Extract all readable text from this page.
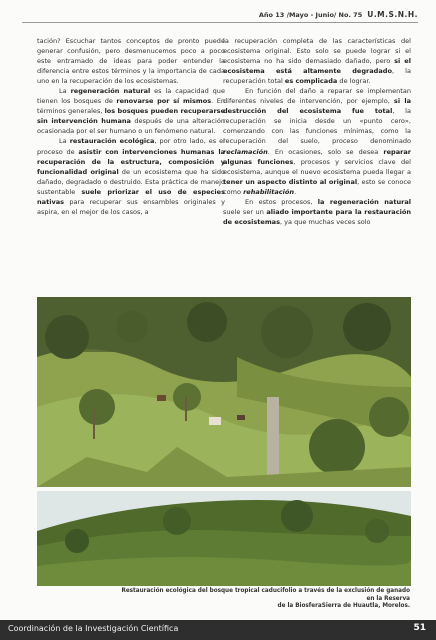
Año 13 /Mayo - Junio/ No. 75 U.M.S.N.H.

tación? Escuchar tantos conceptos de pronto puede generar confusión, pero desmenucemos poco a poco este entramado de ideas para poder entender la diferencia entre estos términos y la importancia de cada uno en la recuperación de los ecosistemas.

La regeneración natural es la capacidad que tienen los bosques de renovarse por sí mismos. En términos generales, los bosques pueden recuperarse sin intervención humana después de una alteración ocasionada por el ser humano o un fenómeno natural.

La restauración ecológica, por otro lado, es el proceso de asistir con intervenciones humanas la recuperación de la estructura, composición y funcionalidad original de un ecosistema que ha sido dañado, degradado o destruido. Esta práctica de manejo sustentable suele priorizar el uso de especies nativas para recuperar sus ensambles originales y aspira, en el mejor de los casos, a

la recuperación completa de las características del ecosistema original. Esto solo se puede lograr si el ecosistema no ha sido demasiado dañado, pero si el ecosistema está altamente degradado, la recuperación total es complicada de lograr.

En función del daño a reparar se implementan diferentes niveles de intervención, por ejemplo, si la destrucción del ecosistema fue total, la recuperación se inicia desde un «punto cero», comenzando con las funciones mínimas, como la recuperación del suelo, proceso denominado reclamación. En ocasiones, solo se desea reparar algunas funciones, procesos y servicios clave del ecosistema, aunque el nuevo ecosistema pueda llegar a tener un aspecto distinto al original, esto se conoce como rehabilitación.

En estos procesos, la regeneración natural suele ser un aliado importante para la restauración de ecosistemas, ya que muchas veces solo

Restauración ecológica del bosque tropical caducifolio a través de la exclusión de ganado en la Reserva
de la BiosferaSierra de Huautla, Morelos.
Coordinación de la Investigación Científica	51
